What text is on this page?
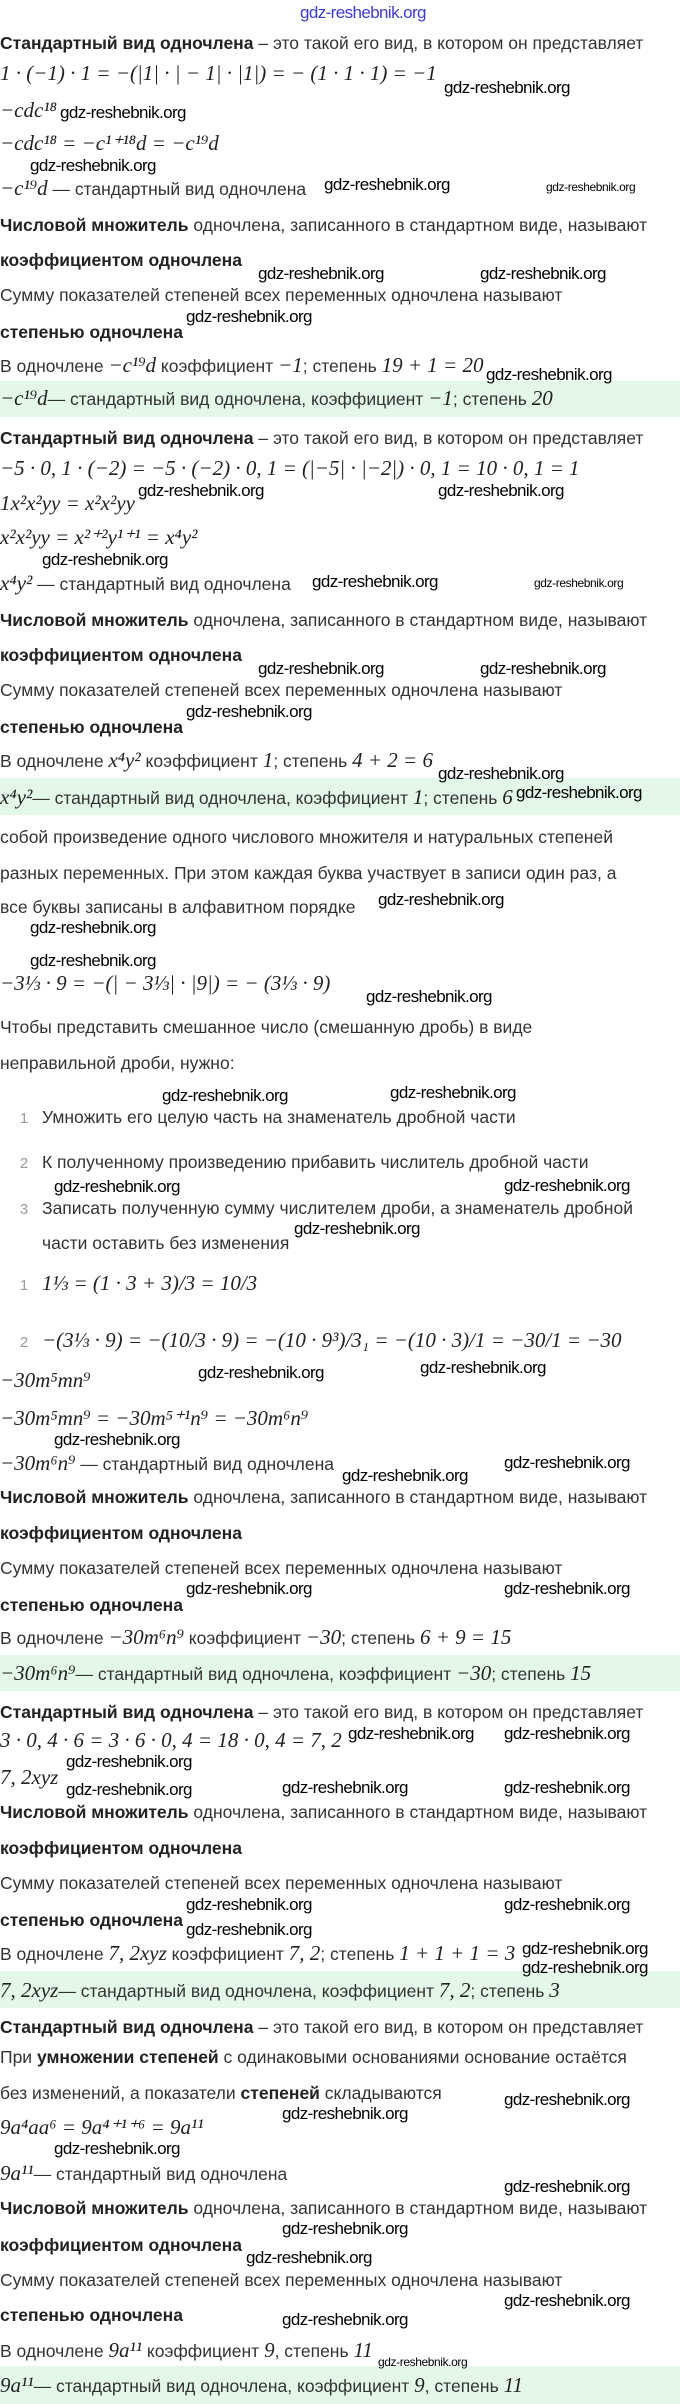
Стандартный вид одночлена – это такой его вид, в котором он представляет
1 · (−1) · 1 = −(|1| · | − 1| · |1|) = − (1 · 1 · 1) = −1
−cdc¹⁸
−cdc¹⁸ = −c¹⁺¹⁸d = −c¹⁹d
−c¹⁹d — стандартный вид одночлена
Числовой множитель одночлена, записанного в стандартном виде, называют
коэффициентом одночлена
Сумму показателей степеней всех переменных одночлена называют
степенью одночлена
В одночлене −c¹⁹d коэффициент −1; степень 19 + 1 = 20
−c¹⁹d— стандартный вид одночлена, коэффициент −1; степень 20
Стандартный вид одночлена – это такой его вид, в котором он представляет
−5 · 0, 1 · (−2) = −5 · (−2) · 0, 1 = (|−5| · |−2|) · 0, 1 = 10 · 0, 1 = 1
1x²x²yy = x²x²yy
x²x²yy = x²⁺²y¹⁺¹ = x⁴y²
x⁴y² — стандартный вид одночлена
Числовой множитель одночлена, записанного в стандартном виде, называют
коэффициентом одночлена
Сумму показателей степеней всех переменных одночлена называют
степенью одночлена
В одночлене x⁴y² коэффициент 1; степень 4 + 2 = 6
x⁴y²— стандартный вид одночлена, коэффициент 1; степень 6
собой произведение одного числового множителя и натуральных степеней
разных переменных. При этом каждая буква участвует в записи один раз, а
все буквы записаны в алфавитном порядке
−3⅓ · 9 = −(| − 3⅓| · |9|) = − (3⅓ · 9)
Чтобы представить смешанное число (смешанную дробь) в виде
неправильной дроби, нужно:
1 Умножить его целую часть на знаменатель дробной части
2 К полученному произведению прибавить числитель дробной части
3 Записать полученную сумму числителем дроби, а знаменатель дробной
части оставить без изменения
1 1⅓ = (1 · 3 + 3)/3 = 10/3
2 −(3⅓ · 9) = −(10/3 · 9) = −(10 · 9³)/3₁ = −(10 · 3)/1 = −30/1 = −30
−30m⁵mn⁹
−30m⁵mn⁹ = −30m⁵⁺¹n⁹ = −30m⁶n⁹
−30m⁶n⁹ — стандартный вид одночлена
Числовой множитель одночлена, записанного в стандартном виде, называют
коэффициентом одночлена
Сумму показателей степеней всех переменных одночлена называют
степенью одночлена
В одночлене −30m⁶n⁹ коэффициент −30; степень 6 + 9 = 15
−30m⁶n⁹— стандартный вид одночлена, коэффициент −30; степень 15
Стандартный вид одночлена – это такой его вид, в котором он представляет
3 · 0, 4 · 6 = 3 · 6 · 0, 4 = 18 · 0, 4 = 7, 2
7, 2xyz
Числовой множитель одночлена, записанного в стандартном виде, называют
коэффициентом одночлена
Сумму показателей степеней всех переменных одночлена называют
степенью одночлена
В одночлене 7, 2xyz коэффициент 7, 2; степень 1 + 1 + 1 = 3
7, 2xyz— стандартный вид одночлена, коэффициент 7, 2; степень 3
Стандартный вид одночлена – это такой его вид, в котором он представляет
При умножении степеней с одинаковыми основаниями основание остаётся
без изменений, а показатели степеней складываются
9a⁴aa⁶ = 9a⁴⁺¹⁺⁶ = 9a¹¹
9a¹¹— стандартный вид одночлена
Числовой множитель одночлена, записанного в стандартном виде, называют
коэффициентом одночлена
Сумму показателей степеней всех переменных одночлена называют
степенью одночлена
В одночлене 9a¹¹ коэффициент 9, степень 11
9a¹¹— стандартный вид одночлена, коэффициент 9, степень 11
gdz-reshebnik.org
gdz-reshebnik.org
gdz-reshebnik.org
gdz-reshebnik.org	gdz-reshebnik.org
gdz-reshebnik.org
gdz-reshebnik.org	gdz-reshebnik.org
gdz-reshebnik.org
gdz-reshebnik.org
gdz-reshebnik.org	gdz-reshebnik.org
gdz-reshebnik.org
gdz-reshebnik.org	gdz-reshebnik.org
gdz-reshebnik.org	gdz-reshebnik.org
gdz-reshebnik.org
gdz-reshebnik.org
gdz-reshebnik.org
gdz-reshebnik.org
gdz-reshebnik.org
gdz-reshebnik.org
gdz-reshebnik.org
gdz-reshebnik.org
gdz-reshebnik.org
gdz-reshebnik.org
gdz-reshebnik.org
gdz-reshebnik.org
gdz-reshebnik.org	gdz-reshebnik.org
gdz-reshebnik.org
gdz-reshebnik.org
gdz-reshebnik.org
gdz-reshebnik.org	gdz-reshebnik.org
gdz-reshebnik.org
gdz-reshebnik.org gdz-reshebnik.org
gdz-reshebnik.org	gdz-reshebnik.org	gdz-reshebnik.org
gdz-reshebnik.org	gdz-reshebnik.org
gdz-reshebnik.org
gdz-reshebnik.org
gdz-reshebnik.org
gdz-reshebnik.org
gdz-reshebnik.org
gdz-reshebnik.org
gdz-reshebnik.org
gdz-reshebnik.org
gdz-reshebnik.org
gdz-reshebnik.org
gdz-reshebnik.org
gdz-reshebnik.org
